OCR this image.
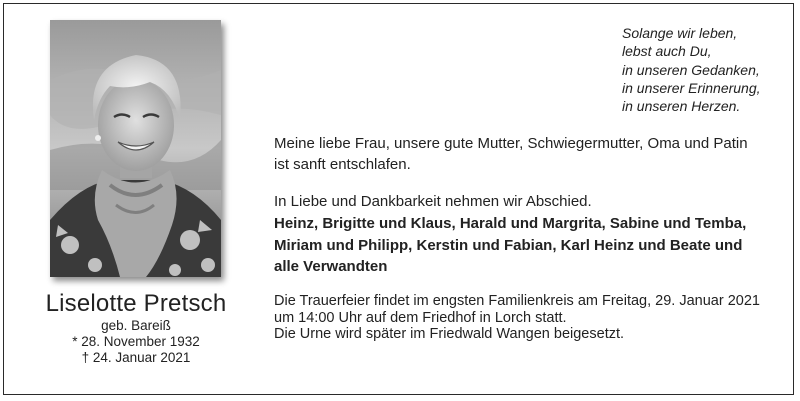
Solange wir leben,
lebst auch Du,
in unseren Gedanken,
in unserer Erinnerung,
in unseren Herzen.
Meine liebe Frau, unsere gute Mutter, Schwiegermutter, Oma und Patin
ist sanft entschlafen.
In Liebe und Dankbarkeit nehmen wir Abschied.
Heinz, Brigitte und Klaus, Harald und Margrita, Sabine und Temba,
Miriam und Philipp, Kerstin und Fabian, Karl Heinz und Beate und
alle Verwandten
Die Trauerfeier findet im engsten Familienkreis am Freitag, 29. Januar 2021
um 14:00 Uhr auf dem Friedhof in Lorch statt.
Die Urne wird später im Friedwald Wangen beigesetzt.
Liselotte Pretsch
geb. Bareiß
* 28. November 1932
† 24. Januar 2021
